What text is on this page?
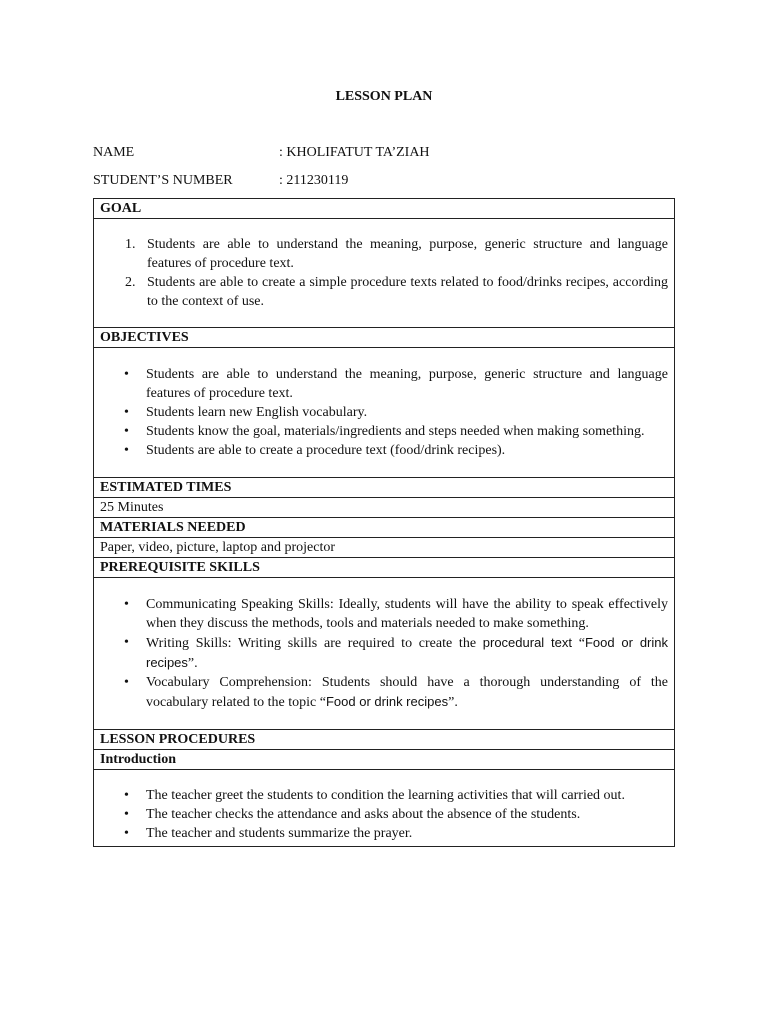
LESSON PLAN
NAME	: KHOLIFATUT TA’ZIAH
STUDENT’S NUMBER	: 211230119
GOAL

1. Students are able to understand the meaning, purpose, generic structure and language features of procedure text.
2. Students are able to create a simple procedure texts related to food/drinks recipes, according to the context of use.

OBJECTIVES

• Students are able to understand the meaning, purpose, generic structure and language features of procedure text.
• Students learn new English vocabulary.
• Students know the goal, materials/ingredients and steps needed when making something.
• Students are able to create a procedure text (food/drink recipes).

ESTIMATED TIMES
25 Minutes
MATERIALS NEEDED
Paper, video, picture, laptop and projector
PREREQUISITE SKILLS

• Communicating Speaking Skills: Ideally, students will have the ability to speak effectively when they discuss the methods, tools and materials needed to make something.
• Writing Skills: Writing skills are required to create the procedural text “Food or drink recipes”.
• Vocabulary Comprehension: Students should have a thorough understanding of the vocabulary related to the topic “Food or drink recipes”.

LESSON PROCEDURES
Introduction

• The teacher greet the students to condition the learning activities that will carried out.
• The teacher checks the attendance and asks about the absence of the students.
• The teacher and students summarize the prayer.
